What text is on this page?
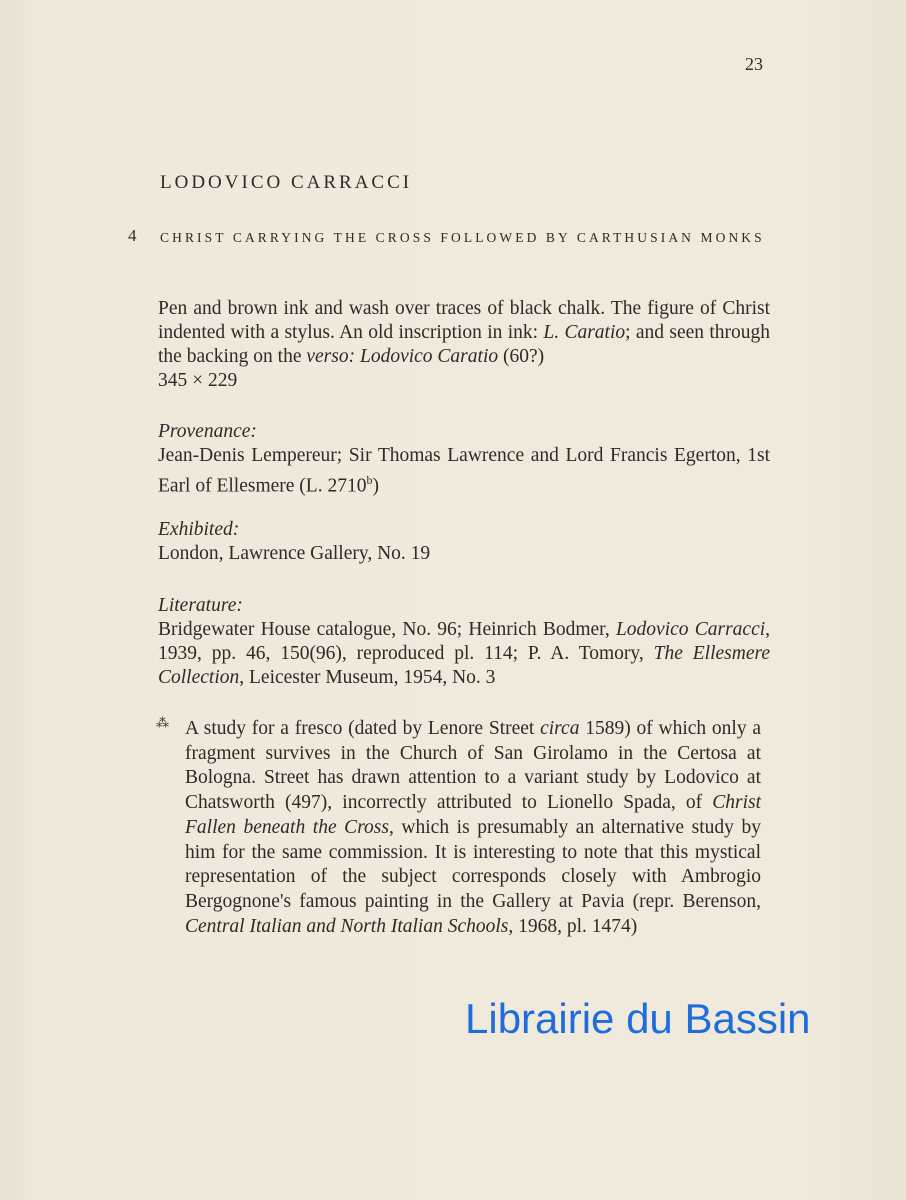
23
LODOVICO CARRACCI
4 CHRIST CARRYING THE CROSS FOLLOWED BY CARTHUSIAN MONKS

Pen and brown ink and wash over traces of black chalk. The figure of Christ indented with a stylus. An old inscription in ink: L. Caratio; and seen through the backing on the verso: Lodovico Caratio (60?)

345 × 229

Provenance:

Jean-Denis Lempereur; Sir Thomas Lawrence and Lord Francis Egerton, 1st Earl of Ellesmere (L. 2710$^b$)

Exhibited:

London, Lawrence Gallery, No. 19

Literature:

Bridgewater House catalogue, No. 96; Heinrich Bodmer, Lodovico Carracci, 1939, pp. 46, 150(96), reproduced pl. 114; P. A. Tomory, The Ellesmere Collection, Leicester Museum, 1954, No. 3

⁂ A study for a fresco (dated by Lenore Street circa 1589) of which only a fragment survives in the Church of San Girolamo in the Certosa at Bologna. Street has drawn attention to a variant study by Lodovico at Chatsworth (497), incorrectly attributed to Lionello Spada, of Christ Fallen beneath the Cross, which is presumably an alternative study by him for the same commission. It is interesting to note that this mystical representation of the subject corresponds closely with Ambrogio Bergognone's famous painting in the Gallery at Pavia (repr. Berenson, Central Italian and North Italian Schools, 1968, pl. 1474)
Librairie du Bassin
